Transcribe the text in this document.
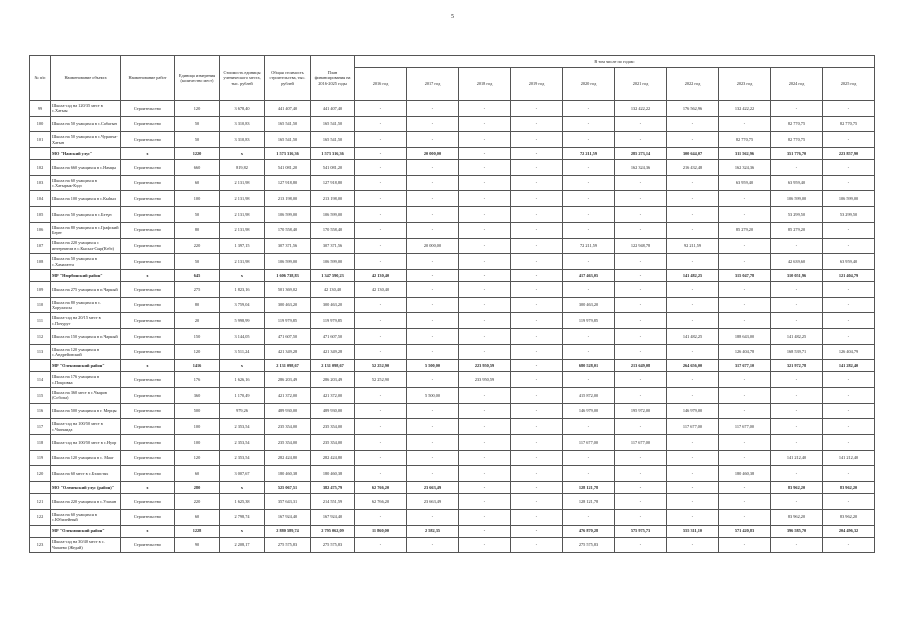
5
№ п/п	Наименование объекта	Наименование работ	Единица измерения (количество мест)	Стоимость единицы ученического места, тыс. рублей	Общая стоимость строительства, тыс. рублей	План финансирования на 2016-2025 годы	В том числе по годам:									
							2016 год	2017 год	2018 год	2019 год	2020 год	2021 год	2022 год	2023 год	2024 год	2025 год
99	Школа-сад на 120/35 мест в с.Хатыы	Строительство	120	3 678,40	441 407,40	441 407,40	-	-	-	-	-	132 422,22	176 562,96	132 422,22	-	-
100	Школа на 50 учащихся в с.Сабагын	Строительство	50	3 310,83	165 541,50	165 541,50	-	-	-	-	-	-	-	-	82 770,75	82 770,75
101	Школа на 50 учащихся в с.Чурапча-Хатын	Строительство	50	3 310,83	165 541,50	165 541,50	-	-	-	-	-	-	-	82 770,75	82 770,75	-
	МО "Намский улус"	х	1220	х	1 573 316,36	1 573 316,36	-	20 000,00	-	-	72 211,59	285 273,14	300 644,07	311 562,96	351 776,70	223 857,90
102	Школа на 660 учащихся в с.Намцы	Строительство	660	819,82	541 081,20	541 081,20	-	-	-	-	-	162 324,36	216 432,48	162 324,36	-	-
103	Школа на 60 учащихся в с.Хатырык-Кэдэ	Строительство	60	2 131,98	127 918,80	127 918,80	-	-	-	-	-	-	-	63 959,40	63 959,40	-
104	Школа на 100 учащихся в с.Кыһыл	Строительство	100	2 131,98	213 198,00	213 198,00	-	-	-	-	-	-	-	-	106 599,00	106 599,00
105	Школа на 50 учащихся в с.Бэтүн	Строительство	50	2 131,98	106 599,00	106 599,00	-	-	-	-	-	-	-	-	53 299,50	53 299,50
106	Школа на 80 учащихся в с.Графский Берег	Строительство	80	2 131,98	170 558,40	170 558,40	-	-	-	-	-	-	-	85 279,20	85 279,20	-
107	Школа на 220 учащихся с интернатом в с.Кысыл-Сыр(Кэбэ)	Строительство	220	1 397,15	307 371,56	307 371,56	-	20 000,00	-	-	72 211,59	122 948,78	92 211,59	-	-	-
108	Школа на 50 учащихся в с.Хамагатта	Строительство	50	2 131,98	106 599,00	106 599,00	-	-	-	-	-	-	-	-	42 639,60	63 959,40
	МР "Нюрбинский район"	х	645	х	1 606 738,83	1 347 590,23	42 130,40	-	-	-	417 463,05	-	141 482,25	315 047,78	310 051,96	121 404,79
109	Школа на 275 учащихся в п.Чаркый	Строительство	275	1 823,16	501 369,02	42 130,40	42 130,40	-	-	-	-	-	-	-	-	-
110	Школа на 80 учащихся в с. Хорулахсы	Строительство	80	3 759,04	300 463,20	300 463,20	-	-	-	-	300 463,20	-	-	-	-	-
111	Школа-сад на 20/15 мест в с.Почуруг	Строительство	20	5 998,99	119 979,85	119 979,85	-	-	-	-	119 979,85	-	-	-	-	-
112	Школа на 150 учащихся в п.Чаркый	Строительство	150	3 144,05	471 607,50	471 607,50	-	-	-	-	-	-	141 482,25	188 643,00	141 482,25	-
113	Школа на 120 учащихся в с.Андрейовский	Строительство	120	3 511,24	421 349,28	421 349,28	-	-	-	-	-	-	-	126 404,78	168 539,71	126 404,79
	МР "Олекминский район"	х	1416	х	2 131 098,67	2 131 098,67	52 252,90	5 500,00	223 950,59	-	680 528,01	213 649,08	264 656,00	317 677,10	321 972,78	141 282,40
114	Школа на 176 учащихся в с.Покровка	Строительство	176	1 626,16	286 203,49	286 203,49	52 252,90	-	233 950,59	-	-	-	-	-	-	-
115	Школа на 360 мест в с.Чкаров (Собопа)	Строительство	360	1 170,49	421 372,00	421 372,00	-	5 500,00	-	-	415 872,00	-	-	-	-	-
116	Школа на 500 учащихся в г. Мерцы	Строительство	500	979,26	489 930,00	489 930,00	-	-	-	-	146 979,00	195 972,00	146 979,00	-	-	-
117	Школа-сад на 100/50 мест в с.Чапчаида	Строительство	100	2 353,54	235 354,00	235 354,00	-	-	-	-	-	-	117 677,00	117 677,00	-	-
118	Школа-сад на 100/50 мест в с.Нуор	Строительство	100	2 353,54	235 354,00	235 354,00	-	-	-	-	117 677,00	117 677,00	-	-	-	-
119	Школа на 120 учащихся в с. Мааг	Строительство	120	2 353,54	282 424,80	282 424,80	-	-	-	-	-	-	-	-	141 212,40	141 212,40
120	Школа на 60 мест в с.Бэлистях	Строительство	60	3 007,67	180 460,38	180 460,38	-	-	-	-	-	-	-	180 460,38	-	-
	МО "Оленекский улус (район)"	х	280	х	525 067,51	382 475,79	62 766,20	23 663,49	-	-	128 121,78	-	-	-	83 962,20	83 962,20
121	Школа на 220 учащихся в с.Улахан	Строительство	220	1 625,38	357 643,31	214 551,59	62 766,20	23 663,49	-	-	128 121,78	-	-	-	-	-
122	Школа на 60 учащихся в с.Юбилейный	Строительство	60	2 798,74	167 924,40	167 924,40	-	-	-	-	-	-	-	-	83 962,20	83 962,20
	МР "Олекминский район"	х	1228	х	2 880 589,74	2 795 062,09	11 860,00	2 582,35	-	-	476 870,28	575 975,73	555 311,10	571 420,83	396 585,70	204 496,32
123	Школа-сад на 30/40 мест в с. Чапаево (Жедай)	Строительство	90	2 208,17	275 575,83	275 575,83	-	-	-	-	275 575,83	-	-	-	-	-
